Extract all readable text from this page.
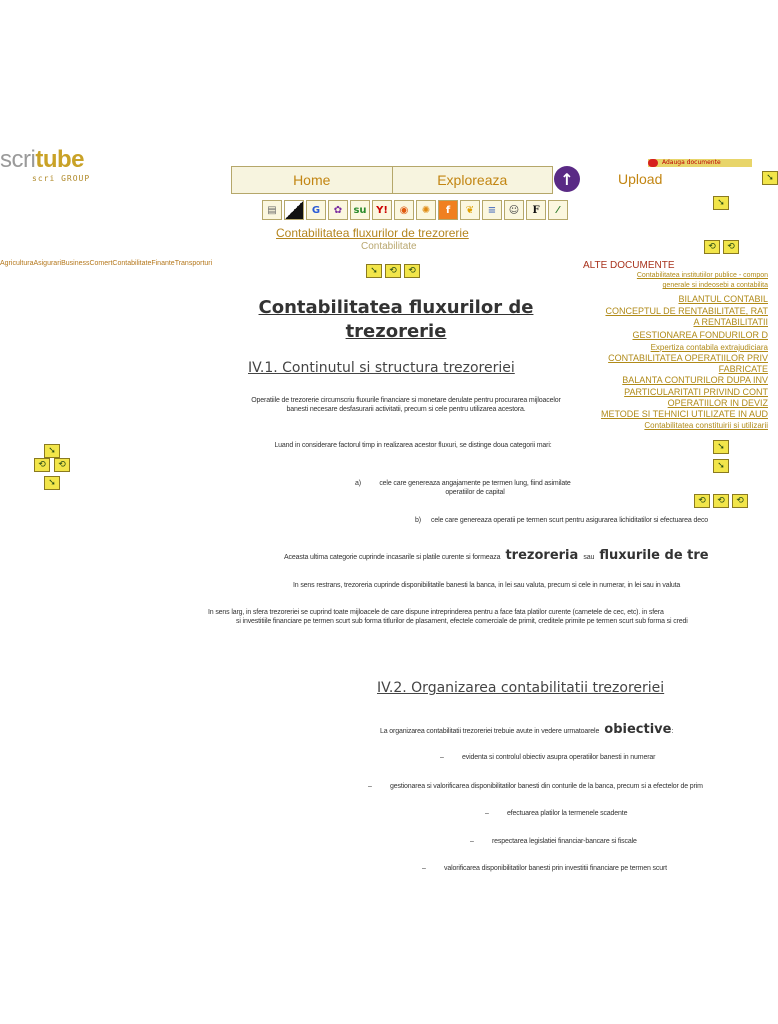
scritube
scri GROUP
AgriculturaAsigurariBusinessComertContabilitateFinanteTransporturi
➘
⟲	⟲
➘
Home	Exploreaza	↑	Upload
Adauga documente
➘
▤	G	✿	su Y!	◉	✺	f	❦	≡	☺	F	⁄
Contabilitatea fluxurilor de trezorerie
Contabilitate
➘	⟲	⟲
➘
⟲	⟲
ALTE DOCUMENTE
Contabilitatea institutiilor publice - compon
generale si indeosebi a contabilita
BILANTUL CONTABIL
CONCEPTUL DE RENTABILITATE, RAT
A RENTABILITATII
GESTIONAREA FONDURILOR D
Expertiza contabila extrajudiciara
CONTABILITATEA OPERATIILOR PRIV
FABRICATE
BALANTA CONTURILOR DUPA INV
PARTICULARITATI PRIVIND CONT
OPERATIILOR IN DEVIZ
METODE SI TEHNICI UTILIZATE IN AUD
Contabilitatea constituirii si utilizarii
➘
➘
⟲	⟲	⟲
Contabilitatea fluxurilor de trezorerie
IV.1. Continutul si structura trezoreriei
Operatiile de trezorerie circumscriu fluxurile financiare si monetare derulate pentru procurarea mijloacelor banesti necesare desfasurarii activitatii, precum si cele pentru utilizarea acestora.
Luand in considerare factorul timp in realizarea acestor fluxuri, se distinge doua categorii mari:
a)	cele care genereaza angajamente pe termen lung, fiind asimilate operatiilor de capital
b) cele care genereaza operatii pe termen scurt pentru asigurarea lichiditatilor si efectuarea deco
Aceasta ultima categorie cuprinde incasarile si platile curente si formeaza trezoreria sau fluxurile de tre
In sens restrans, trezoreria cuprinde disponibilitatile banesti la banca, in lei sau valuta, precum si cele in numerar, in lei sau in valuta
In sens larg, in sfera trezoreriei se cuprind toate mijloacele de care dispune intreprinderea pentru a face fata platilor curente (carnetele de cec, etc). in sfera
si investitiile financiare pe termen scurt sub forma titlurilor de plasament, efectele comerciale de primit, creditele primite pe termen scurt sub forma si credi
IV.2. Organizarea contabilitatii trezoreriei
La organizarea contabilitatii trezoreriei trebuie avute in vedere urmatoarele obiective:
–	evidenta si controlul obiectiv asupra operatiilor banesti in numerar
–	gestionarea si valorificarea disponibilitatilor banesti din conturile de la banca, precum si a efectelor de prim
–	efectuarea platilor la termenele scadente
–	respectarea legislatiei financiar-bancare si fiscale
–	valorificarea disponibilitatilor banesti prin investitii financiare pe termen scurt
